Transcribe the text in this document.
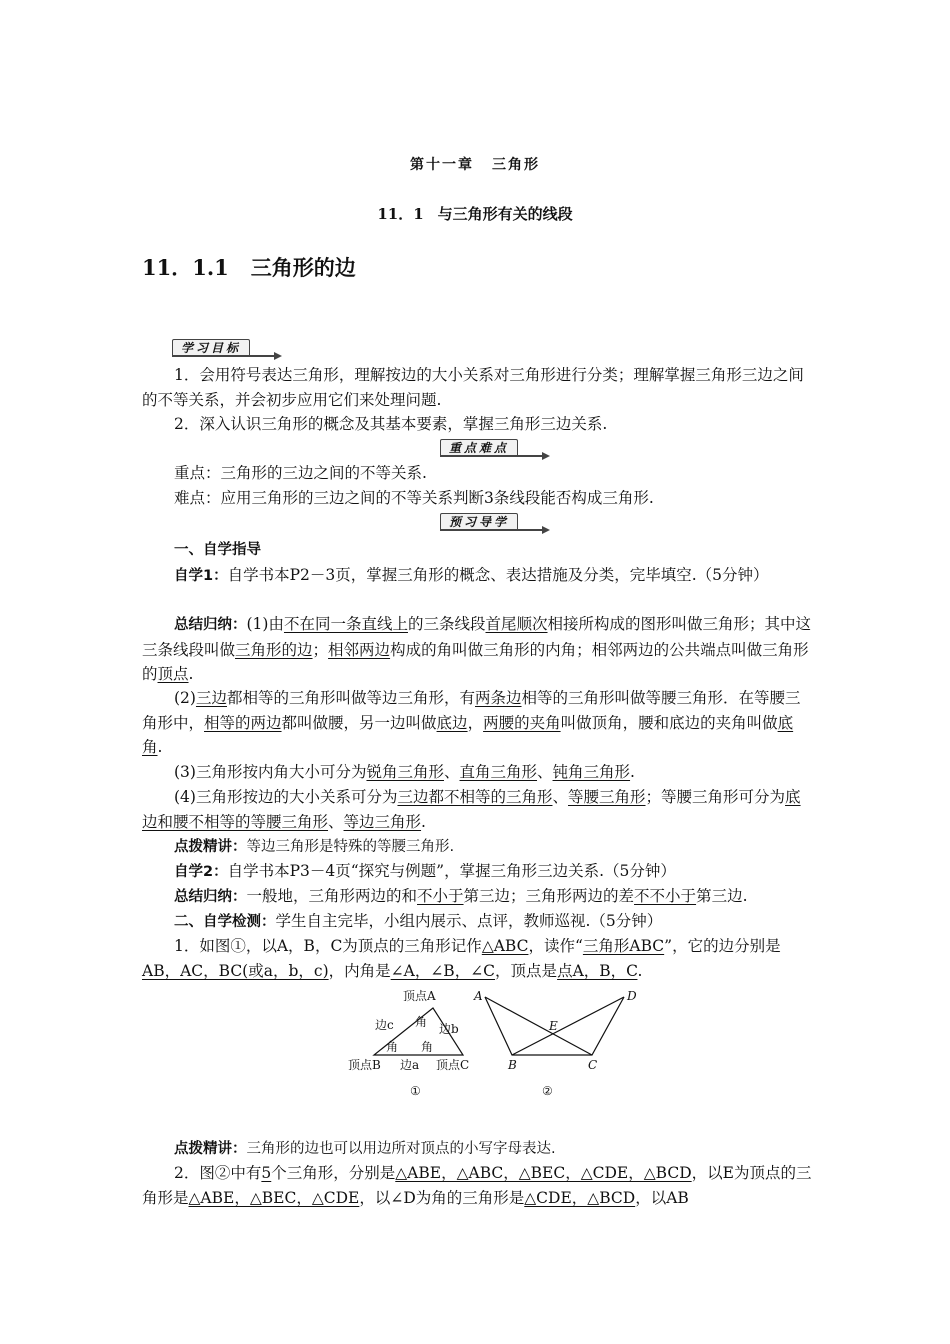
第十一章 三角形
11．1 与三角形有关的线段
11．1.1 三角形的边
学习目标
1．会用符号表达三角形，理解按边的大小关系对三角形进行分类；理解掌握三角形三边之间的不等关系，并会初步应用它们来处理问题.
2．深入认识三角形的概念及其基本要素，掌握三角形三边关系.
重点难点
重点：三角形的三边之间的不等关系.
难点：应用三角形的三边之间的不等关系判断3条线段能否构成三角形.
预习导学
一、自学指导
自学1：自学书本P2－3页，掌握三角形的概念、表达措施及分类，完毕填空.（5分钟）
总结归纳：(1)由不在同一条直线上的三条线段首尾顺次相接所构成的图形叫做三角形；其中这三条线段叫做三角形的边；相邻两边构成的角叫做三角形的内角；相邻两边的公共端点叫做三角形的顶点.
(2)三边都相等的三角形叫做等边三角形，有两条边相等的三角形叫做等腰三角形．在等腰三角形中，相等的两边都叫做腰，另一边叫做底边，两腰的夹角叫做顶角，腰和底边的夹角叫做底角.
(3)三角形按内角大小可分为锐角三角形、直角三角形、钝角三角形.
(4)三角形按边的大小关系可分为三边都不相等的三角形、等腰三角形；等腰三角形可分为底边和腰不相等的等腰三角形、等边三角形.
点拨精讲：等边三角形是特殊的等腰三角形.
自学2：自学书本P3－4页“探究与例题”，掌握三角形三边关系.（5分钟）
总结归纳：一般地，三角形两边的和不小于第三边；三角形两边的差不不小于第三边.
二、自学检测：学生自主完毕，小组内展示、点评，教师巡视.（5分钟）
1．如图①，以A，B，C为顶点的三角形记作△ABC，读作“三角形ABC”，它的边分别是AB，AC，BC(或a，b，c)，内角是∠A，∠B，∠C，顶点是点A，B，C.
顶点A
顶点B	顶点C
边c	边b
边a
角
角 角
①
A
B	C
D
E
②
点拨精讲：三角形的边也可以用边所对顶点的小写字母表达.
2．图②中有5个三角形，分别是△ABE，△ABC，△BEC，△CDE，△BCD，以E为顶点的三角形是△ABE，△BEC，△CDE，以∠D为角的三角形是△CDE，△BCD，以AB
